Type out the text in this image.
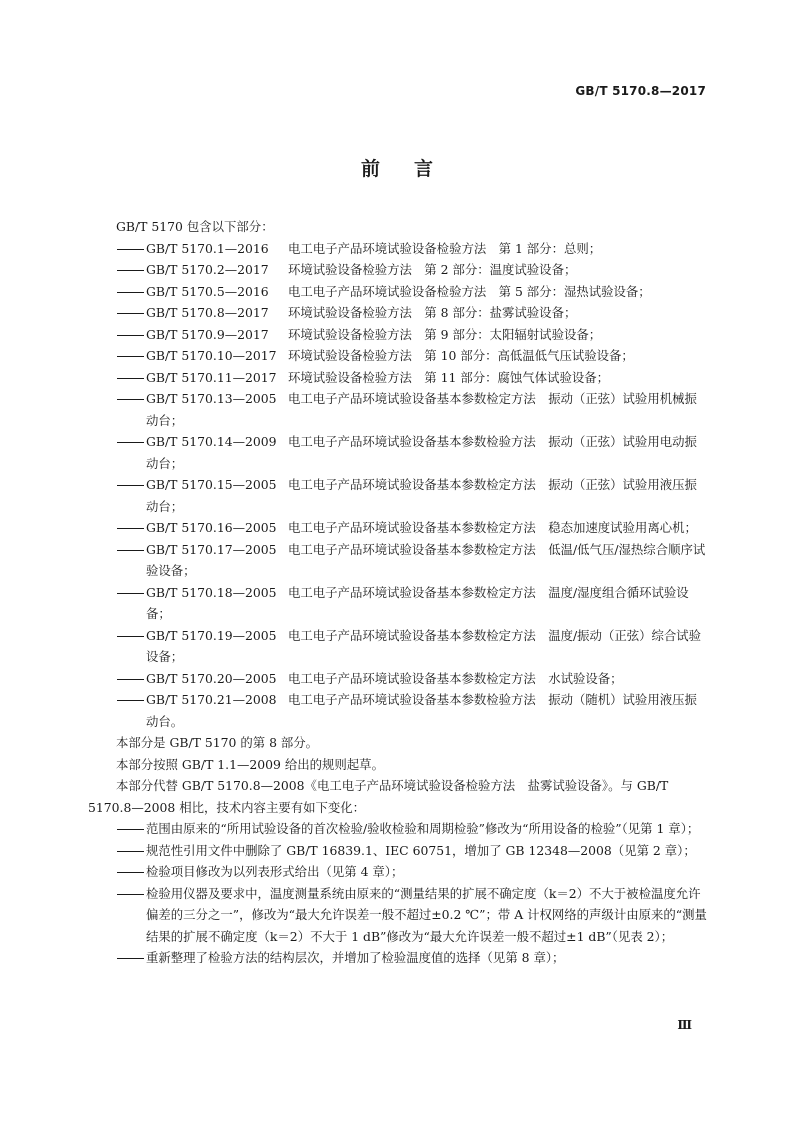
GB/T 5170.8—2017
前言

GB/T 5170 包含以下部分：

GB/T 5170.1—2016 电工电子产品环境试验设备检验方法　第 1 部分：总则；

GB/T 5170.2—2017 环境试验设备检验方法　第 2 部分：温度试验设备；

GB/T 5170.5—2016 电工电子产品环境试验设备检验方法　第 5 部分：湿热试验设备；

GB/T 5170.8—2017 环境试验设备检验方法　第 8 部分：盐雾试验设备；

GB/T 5170.9—2017 环境试验设备检验方法　第 9 部分：太阳辐射试验设备；

GB/T 5170.10—2017 环境试验设备检验方法　第 10 部分：高低温低气压试验设备；

GB/T 5170.11—2017 环境试验设备检验方法　第 11 部分：腐蚀气体试验设备；

GB/T 5170.13—2005 电工电子产品环境试验设备基本参数检定方法　振动（正弦）试验用机械振动台；

GB/T 5170.14—2009 电工电子产品环境试验设备基本参数检验方法　振动（正弦）试验用电动振动台；

GB/T 5170.15—2005 电工电子产品环境试验设备基本参数检定方法　振动（正弦）试验用液压振动台；

GB/T 5170.16—2005 电工电子产品环境试验设备基本参数检定方法　稳态加速度试验用离心机；

GB/T 5170.17—2005 电工电子产品环境试验设备基本参数检定方法　低温/低气压/湿热综合顺序试验设备；

GB/T 5170.18—2005 电工电子产品环境试验设备基本参数检定方法　温度/湿度组合循环试验设备；

GB/T 5170.19—2005 电工电子产品环境试验设备基本参数检定方法　温度/振动（正弦）综合试验设备；

GB/T 5170.20—2005 电工电子产品环境试验设备基本参数检定方法　水试验设备；

GB/T 5170.21—2008 电工电子产品环境试验设备基本参数检验方法　振动（随机）试验用液压振动台。

本部分是 GB/T 5170 的第 8 部分。

本部分按照 GB/T 1.1—2009 给出的规则起草。

本部分代替 GB/T 5170.8—2008《电工电子产品环境试验设备检验方法　盐雾试验设备》。与 GB/T 5170.8—2008 相比，技术内容主要有如下变化：

范围由原来的“所用试验设备的首次检验/验收检验和周期检验”修改为“所用设备的检验”（见第 1 章）；

规范性引用文件中删除了 GB/T 16839.1、IEC 60751，增加了 GB 12348—2008（见第 2 章）；

检验项目修改为以列表形式给出（见第 4 章）；

检验用仪器及要求中，温度测量系统由原来的“测量结果的扩展不确定度（k＝2）不大于被检温度允许偏差的三分之一”，修改为“最大允许误差一般不超过±0.2 ℃”；带 A 计权网络的声级计由原来的“测量结果的扩展不确定度（k＝2）不大于 1 dB”修改为“最大允许误差一般不超过±1 dB”（见表 2）；

重新整理了检验方法的结构层次，并增加了检验温度值的选择（见第 8 章）；

Ⅲ
